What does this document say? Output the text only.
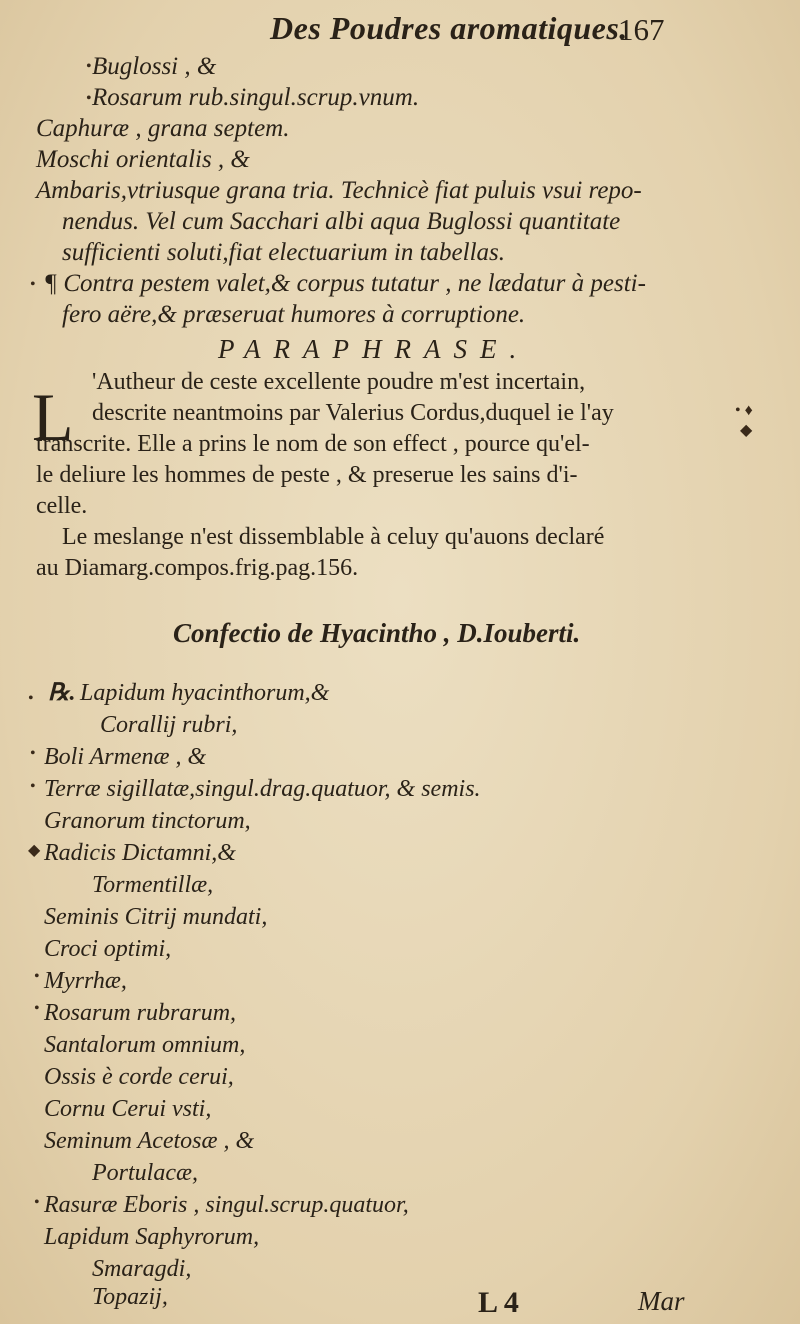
Des Poudres aromatiques.
167
Buglossi , &
Rosarum rub.singul.scrup.vnum.
Caphuræ , grana septem.
Moschi orientalis , &
Ambaris,vtriusque grana tria. Technicè fiat puluis vsui repo-
nendus. Vel cum Sacchari albi aqua Buglossi quantitate
sufficienti soluti,fiat electuarium in tabellas.
¶ Contra pestem valet,& corpus tutatur , ne lædatur à pesti-
fero aëre,& præseruat humores à corruptione.
PARAPHRASE.
L 'Autheur de ceste excellente poudre m'est incertain,
descrite neantmoins par Valerius Cordus,duquel ie l'ay
transcrite. Elle a prins le nom de son effect , pource qu'el-
le deliure les hommes de peste , & preserue les sains d'i-
celle.
Le meslange n'est dissemblable à celuy qu'auons declaré
au Diamarg.compos.frig.pag.156.
Confectio de Hyacintho , D.Iouberti.
℞. Lapidum hyacinthorum,&
Corallij rubri,
Boli Armenæ , &
Terræ sigillatæ,singul.drag.quatuor, & semis.
Granorum tinctorum,
Radicis Dictamni,&
Tormentillæ,
Seminis Citrij mundati,
Croci optimi,
Myrrhæ,
Rosarum rubrarum,
Santalorum omnium,
Ossis è corde cerui,
Cornu Cerui vsti,
Seminum Acetosæ , &
Portulacæ,
Rasuræ Eboris , singul.scrup.quatuor,
Lapidum Saphyrorum,
Smaragdi,
Topazij,	L 4	Mar
•
•
•
• ♦
◆
•
•
•
◆
•
•
•
